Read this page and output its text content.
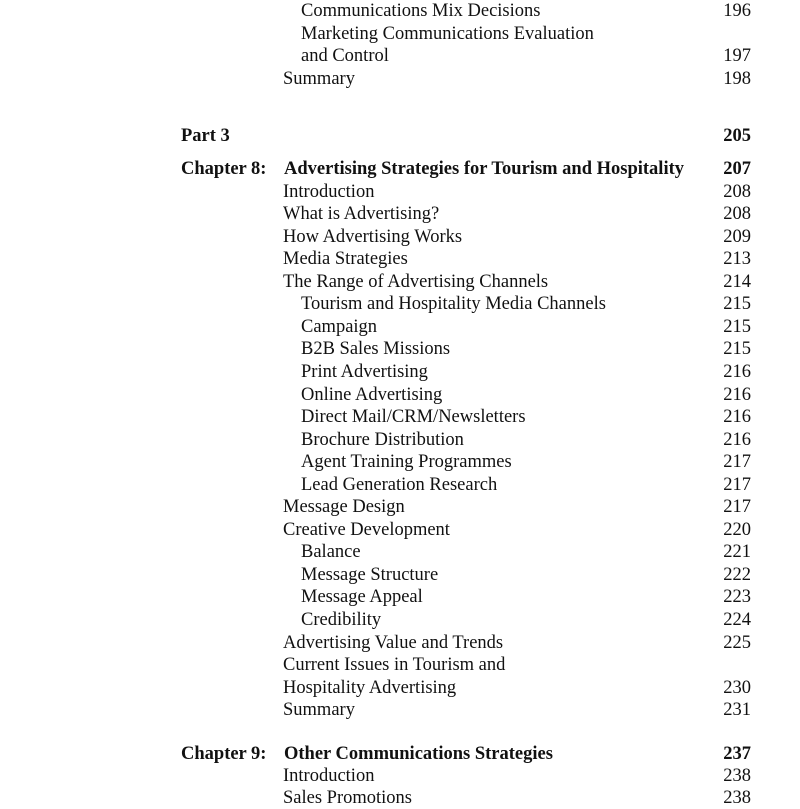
Communications Mix Decisions	196
Marketing Communications Evaluation
and Control	197
Summary	198
Part 3	205
Chapter 8: Advertising Strategies for Tourism and Hospitality 207
Introduction	208
What is Advertising?	208
How Advertising Works	209
Media Strategies	213
The Range of Advertising Channels	214
Tourism and Hospitality Media Channels	215
Campaign	215
B2B Sales Missions	215
Print Advertising	216
Online Advertising	216
Direct Mail/CRM/Newsletters	216
Brochure Distribution	216
Agent Training Programmes	217
Lead Generation Research	217
Message Design	217
Creative Development	220
Balance	221
Message Structure	222
Message Appeal	223
Credibility	224
Advertising Value and Trends	225
Current Issues in Tourism and
Hospitality Advertising	230
Summary	231
Chapter 9: Other Communications Strategies	237
Introduction	238
Sales Promotions	238
